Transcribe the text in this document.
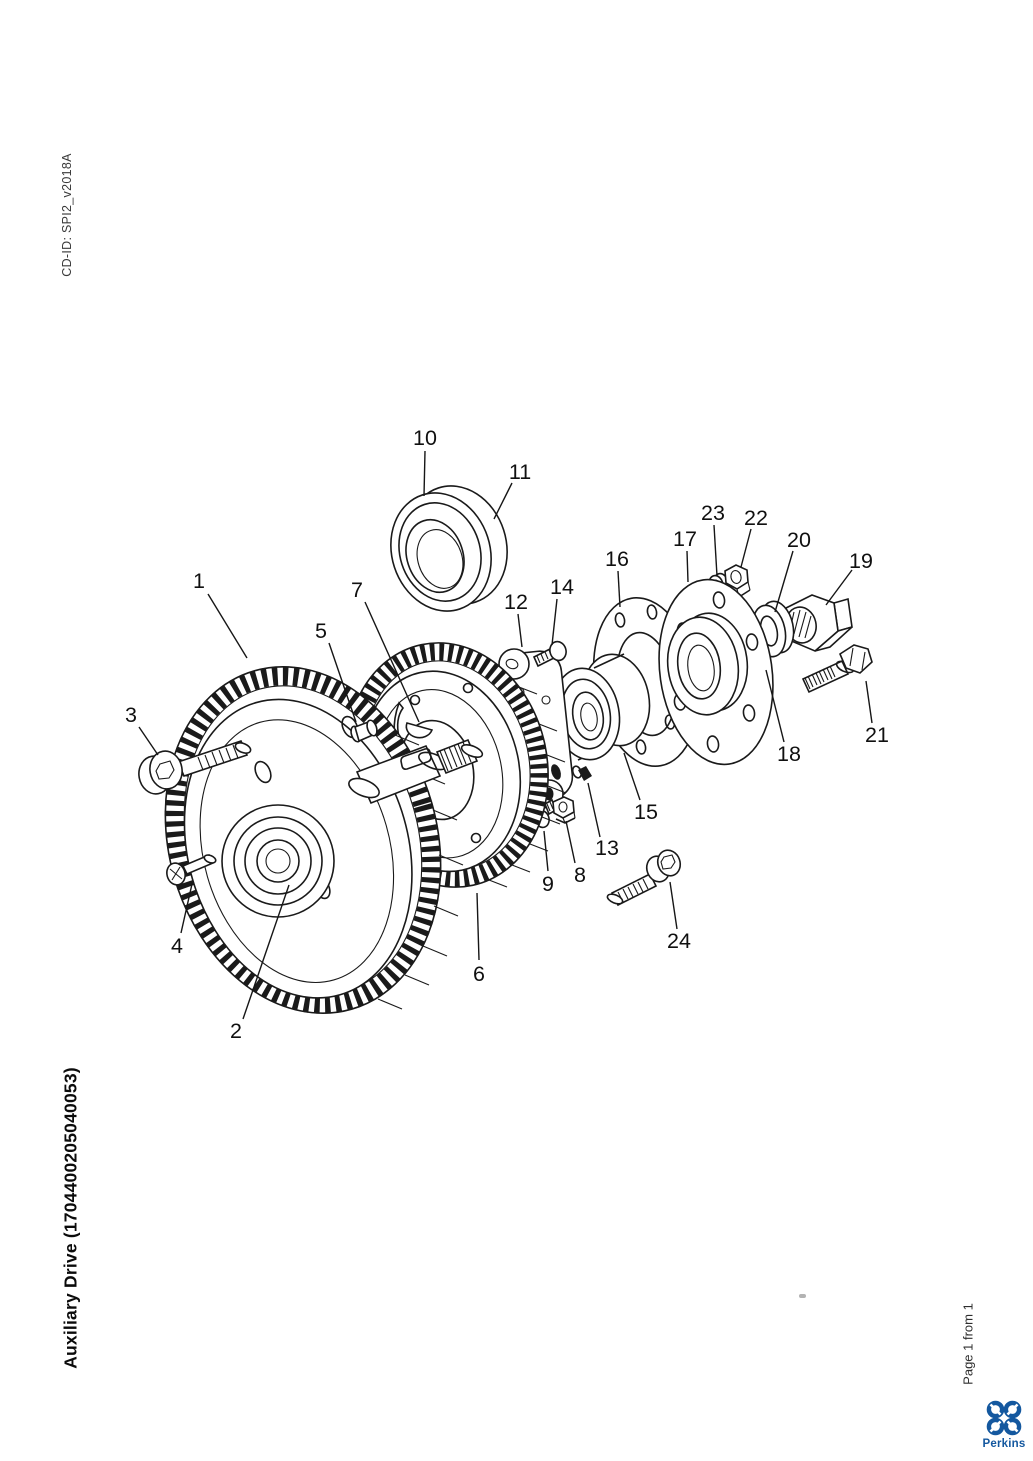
CD-ID: SPI2_v2018A
Auxiliary Drive (1704400205040053)	Page 1 from 1
1
2
3
4
5
6
7
8
9
10
11
12
13
14
15
16
17
18
19
20
21
22
23
24
Perkins
